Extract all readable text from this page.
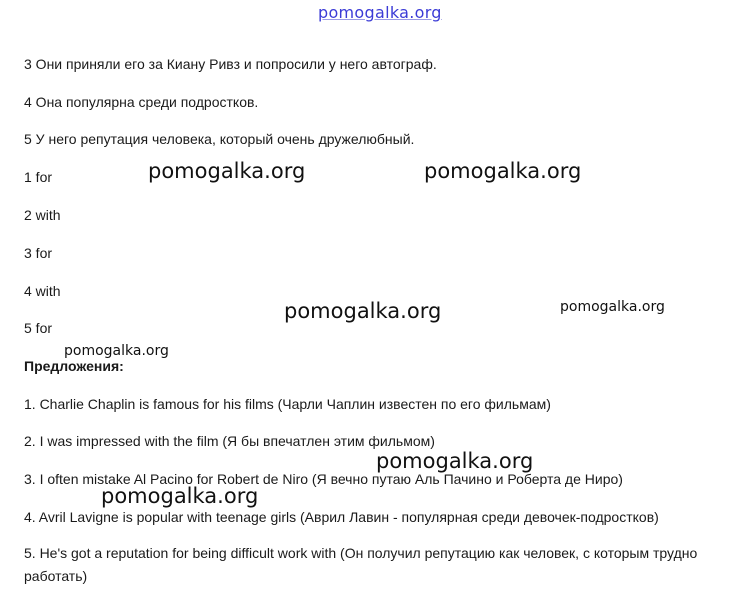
pomogalka.org
3 Они приняли его за Киану Ривз и попросили у него автограф.
4 Она популярна среди подростков.
5 У него репутация человека, который очень дружелюбный.
1 for
2 with
3 for
4 with
5 for
Предложения:
1. Charlie Chaplin is famous for his films (Чарли Чаплин известен по его фильмам)
2. I was impressed with the film (Я бы впечатлен этим фильмом)
3. I often mistake Al Pacino for Robert de Niro (Я вечно путаю Аль Пачино и Роберта де Ниро)
4. Avril Lavigne is popular with teenage girls (Аврил Лавин - популярная среди девочек-подростков)
5. He's got a reputation for being difficult work with (Он получил репутацию как человек, с которым трудно работать)
pomogalka.org	pomogalka.org
pomogalka.org	pomogalka.org
pomogalka.org
pomogalka.org
pomogalka.org
